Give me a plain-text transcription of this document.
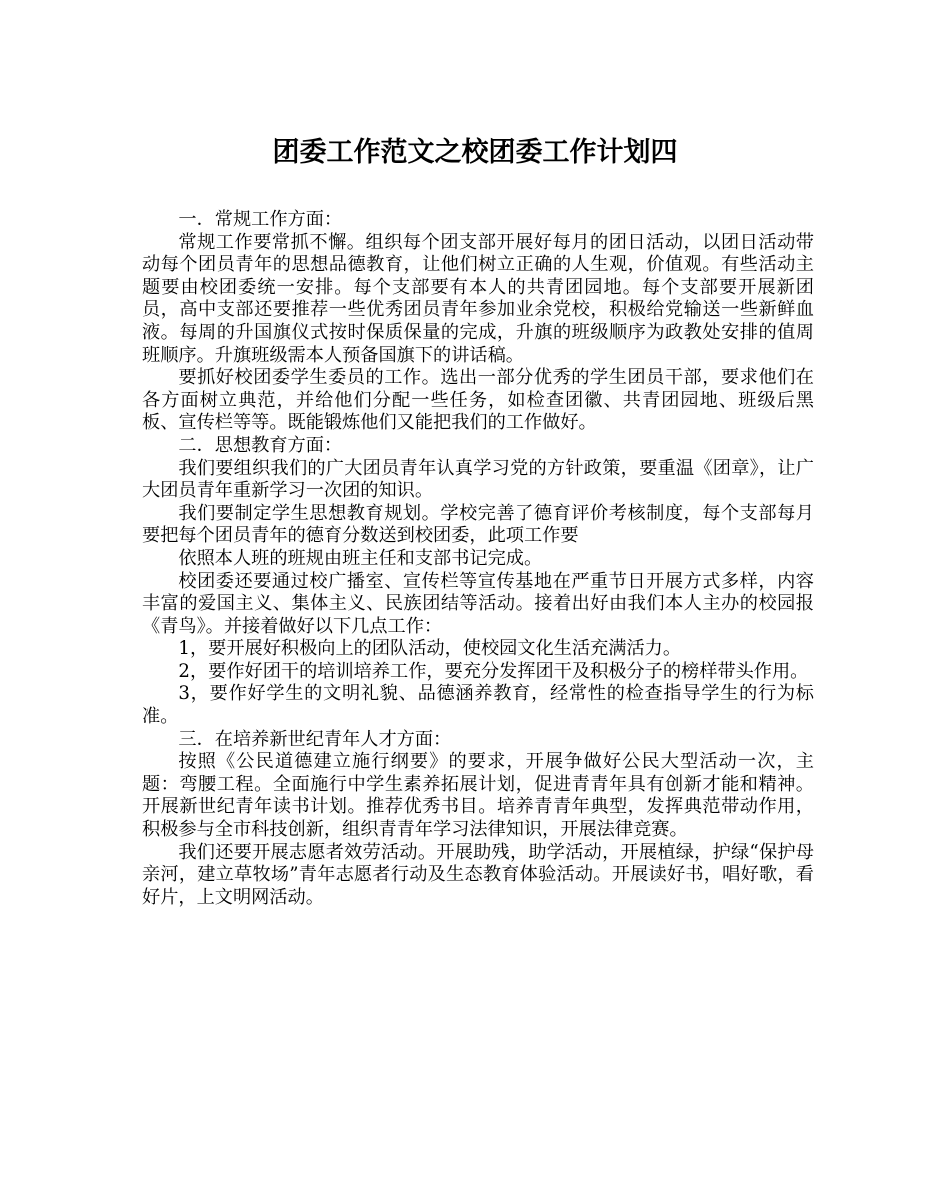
团委工作范文之校团委工作计划四

一．常规工作方面：

常规工作要常抓不懈。组织每个团支部开展好每月的团日活动，以团日活动带动每个团员青年的思想品德教育，让他们树立正确的人生观，价值观。有些活动主题要由校团委统一安排。每个支部要有本人的共青团园地。每个支部要开展新团员，高中支部还要推荐一些优秀团员青年参加业余党校，积极给党输送一些新鲜血液。每周的升国旗仪式按时保质保量的完成，升旗的班级顺序为政教处安排的值周班顺序。升旗班级需本人预备国旗下的讲话稿。

要抓好校团委学生委员的工作。选出一部分优秀的学生团员干部，要求他们在各方面树立典范，并给他们分配一些任务，如检查团徽、共青团园地、班级后黑板、宣传栏等等。既能锻炼他们又能把我们的工作做好。

二．思想教育方面：

我们要组织我们的广大团员青年认真学习党的方针政策，要重温《团章》，让广大团员青年重新学习一次团的知识。

我们要制定学生思想教育规划。学校完善了德育评价考核制度，每个支部每月要把每个团员青年的德育分数送到校团委，此项工作要

依照本人班的班规由班主任和支部书记完成。

校团委还要通过校广播室、宣传栏等宣传基地在严重节日开展方式多样，内容丰富的爱国主义、集体主义、民族团结等活动。接着出好由我们本人主办的校园报《青鸟》。并接着做好以下几点工作：

1，要开展好积极向上的团队活动，使校园文化生活充满活力。

2，要作好团干的培训培养工作，要充分发挥团干及积极分子的榜样带头作用。

3，要作好学生的文明礼貌、品德涵养教育，经常性的检查指导学生的行为标准。

三．在培养新世纪青年人才方面：

按照《公民道德建立施行纲要》的要求，开展争做好公民大型活动一次，主题：弯腰工程。全面施行中学生素养拓展计划，促进青青年具有创新才能和精神。开展新世纪青年读书计划。推荐优秀书目。培养青青年典型，发挥典范带动作用，积极参与全市科技创新，组织青青年学习法律知识，开展法律竞赛。

我们还要开展志愿者效劳活动。开展助残，助学活动，开展植绿，护绿“保护母亲河，建立草牧场”青年志愿者行动及生态教育体验活动。开展读好书，唱好歌，看好片，上文明网活动。
